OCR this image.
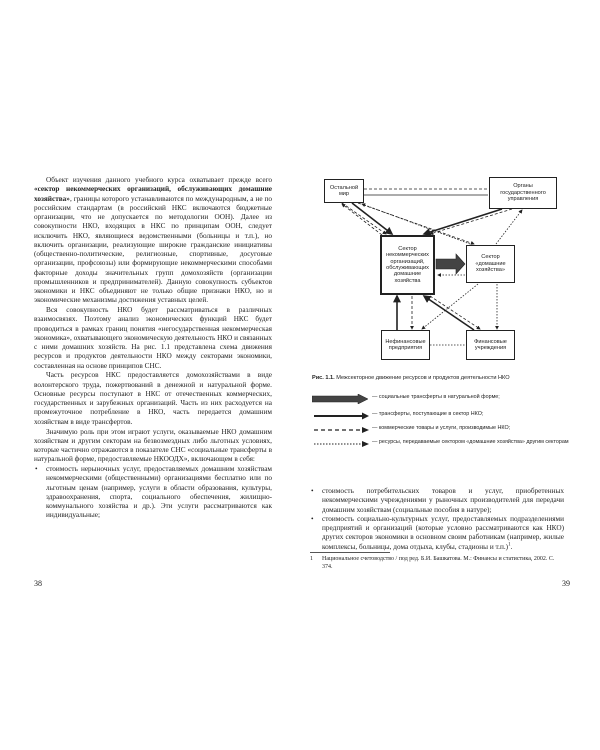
Объект изучения данного учебного курса охватывает прежде всего «сектор некоммерческих организаций, обслуживающих домашние хозяйства», границы которого устанавливаются по международным, а не по российским стандартам (в российский НКС включаются бюджетные организации, что не допускается по методологии ООН). Далее из совокупности НКО, входящих в НКС по принципам ООН, следует исключить НКО, являющиеся ведомственными (больницы и т.п.), но включить организации, реализующие широкие гражданские инициативы (общественно-политические, религиозные, спортивные, досуговые организации, профсоюзы) или формирующие некоммерческими способами факторные доходы значительных групп домохозяйств (организации промышленников и предпринимателей). Данную совокупность субъектов экономики и НКС объединяют не только общие признаки НКО, но и экономические механизмы достижения уставных целей.

Вся совокупность НКО будет рассматриваться в различных взаимосвязях. Поэтому анализ экономических функций НКС будет проводиться в рамках границ понятия «негосударственная некоммерческая экономика», охватывающего экономическую деятельность НКО и связанных с ними домашних хозяйств. На рис. 1.1 представлена схема движения ресурсов и продуктов деятельности НКО между секторами экономики, составленная на основе принципов СНС.

Часть ресурсов НКС предоставляется домохозяйствами в виде волонтерского труда, пожертвований в денежной и натуральной форме. Основные ресурсы поступают в НКС от отечественных коммерческих, государственных и зарубежных организаций. Часть из них расходуется на промежуточное потребление в НКО, часть передается домашним хозяйствам в виде трансфертов.

Значимую роль при этом играют услуги, оказываемые НКО домашним хозяйствам и другим секторам на безвозмездных либо льготных условиях, которые частично отражаются в показателе СНС «социальные трансферты в натуральной форме, предоставляемые НКООДХ», включающем в себя:

• стоимость нерыночных услуг, предоставляемых домашним хозяйствам некоммерческими (общественными) организациями бесплатно или по льготным ценам (например, услуги в области образования, культуры, здравоохранения, спорта, социального обеспечения, жилищно-коммунального хозяйства и др.). Эти услуги рассматриваются как индивидуальные;
38
Остальной мир
Органы государственного управления
Сектор некоммерческих организаций, обслуживающих домашние хозяйства
Сектор «домашние хозяйства»
Нефинансовые предприятия
Финансовые учреждения
Рис. 1.1. Межсекторное движение ресурсов и продуктов деятельности НКО
— социальные трансферты в натуральной форме;
— трансферты, поступающие в сектор НКО;
— коммерческие товары и услуги, производимые НКО;
— ресурсы, передаваемые сектором «домашние хозяйства» другим секторам
• стоимость потребительских товаров и услуг, приобретенных некоммерческими учреждениями у рыночных производителей для передачи домашним хозяйствам (социальные пособия в натуре);
• стоимость социально-культурных услуг, предоставляемых подразделениями предприятий и организаций (которые условно рассматриваются как НКО) других секторов экономики в основном своим работникам (например, жилые комплексы, больницы, дома отдыха, клубы, стадионы и т.п.)$^1$.
1 Национальное счетоводство / под ред. Б.И. Башкатова. М.: Финансы и статистика, 2002. С. 374.
39
